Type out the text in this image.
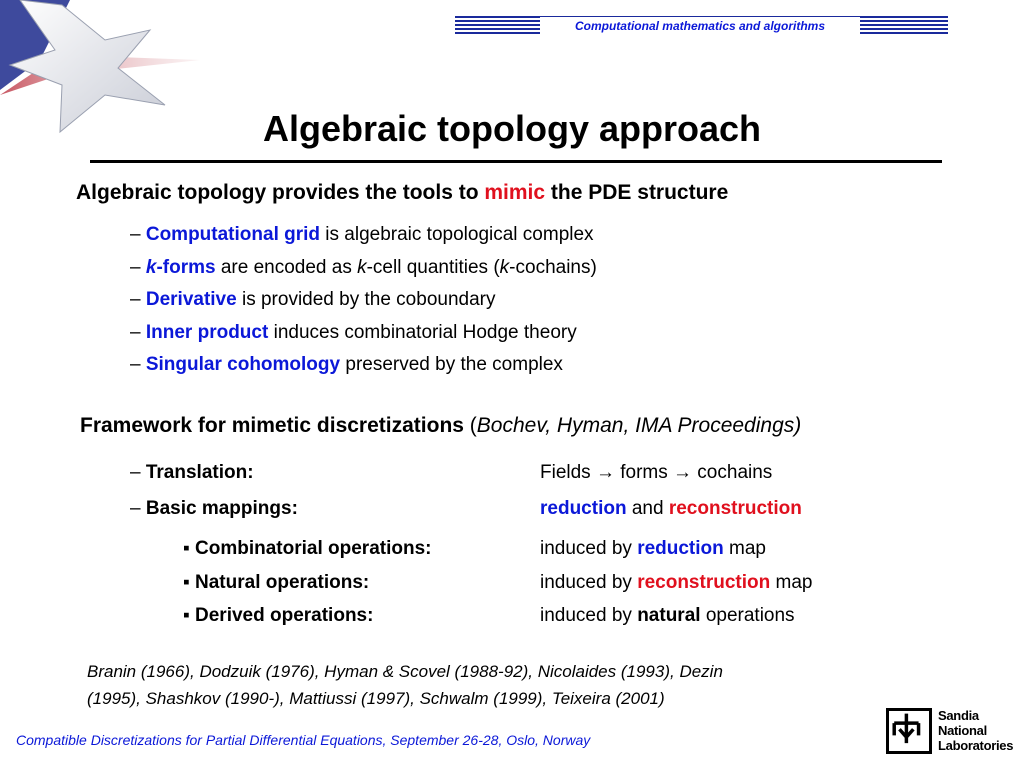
Computational mathematics and algorithms
Algebraic topology approach
Algebraic topology provides the tools to mimic the PDE structure
– Computational grid is algebraic topological complex
– k-forms are encoded as k-cell quantities (k-cochains)
– Derivative is provided by the coboundary
– Inner product induces combinatorial Hodge theory
– Singular cohomology preserved by the complex
Framework for mimetic discretizations (Bochev, Hyman, IMA Proceedings)
– Translation:	Fields → forms → cochains
– Basic mappings:	reduction and reconstruction
▪ Combinatorial operations:	induced by reduction map
▪ Natural operations:	induced by reconstruction map
▪ Derived operations:	induced by natural operations
Branin (1966), Dodzuik (1976), Hyman & Scovel (1988-92), Nicolaides (1993), Dezin
(1995), Shashkov (1990-), Mattiussi (1997), Schwalm (1999), Teixeira (2001)
Compatible Discretizations for Partial Differential Equations, September 26-28, Oslo, Norway
Sandia
National
Laboratories
